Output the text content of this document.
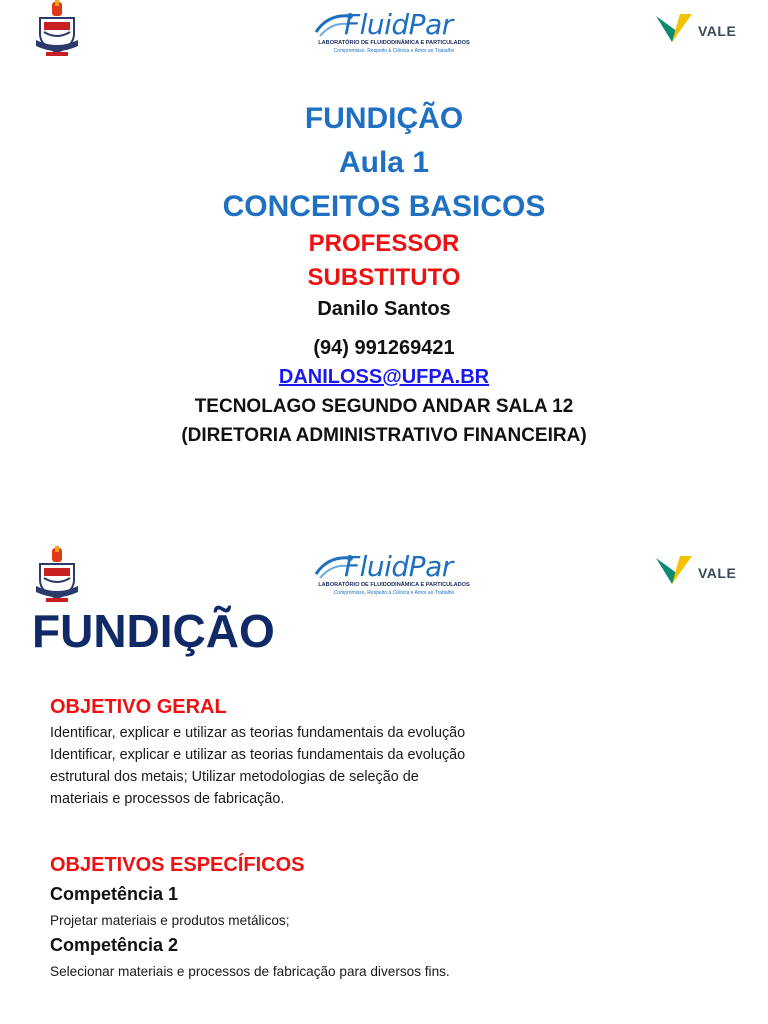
FluidPar
LABORATÓRIO DE FLUIDODINÂMICA E PARTICULADOS
Compromisso, Respeito à Ciência e Amor ao Trabalho
VALE
FUNDIÇÃO
Aula 1
CONCEITOS BASICOS
PROFESSOR
SUBSTITUTO
Danilo Santos
(94) 991269421
DANILOSS@UFPA.BR
TECNOLAGO SEGUNDO ANDAR SALA 12
(DIRETORIA ADMINISTRATIVO FINANCEIRA)
FluidPar
LABORATÓRIO DE FLUIDODINÂMICA E PARTICULADOS
Compromisso, Respeito à Ciência e Amor ao Trabalho
VALE
FUNDIÇÃO
OBJETIVO GERAL
Identificar, explicar e utilizar as teorias fundamentais da evolução
Identificar, explicar e utilizar as teorias fundamentais da evolução
estrutural dos metais; Utilizar metodologias de seleção de
materiais e processos de fabricação.
OBJETIVOS ESPECÍFICOS
Competência 1
Projetar materiais e produtos metálicos;
Competência 2
Selecionar materiais e processos de fabricação para diversos fins.
